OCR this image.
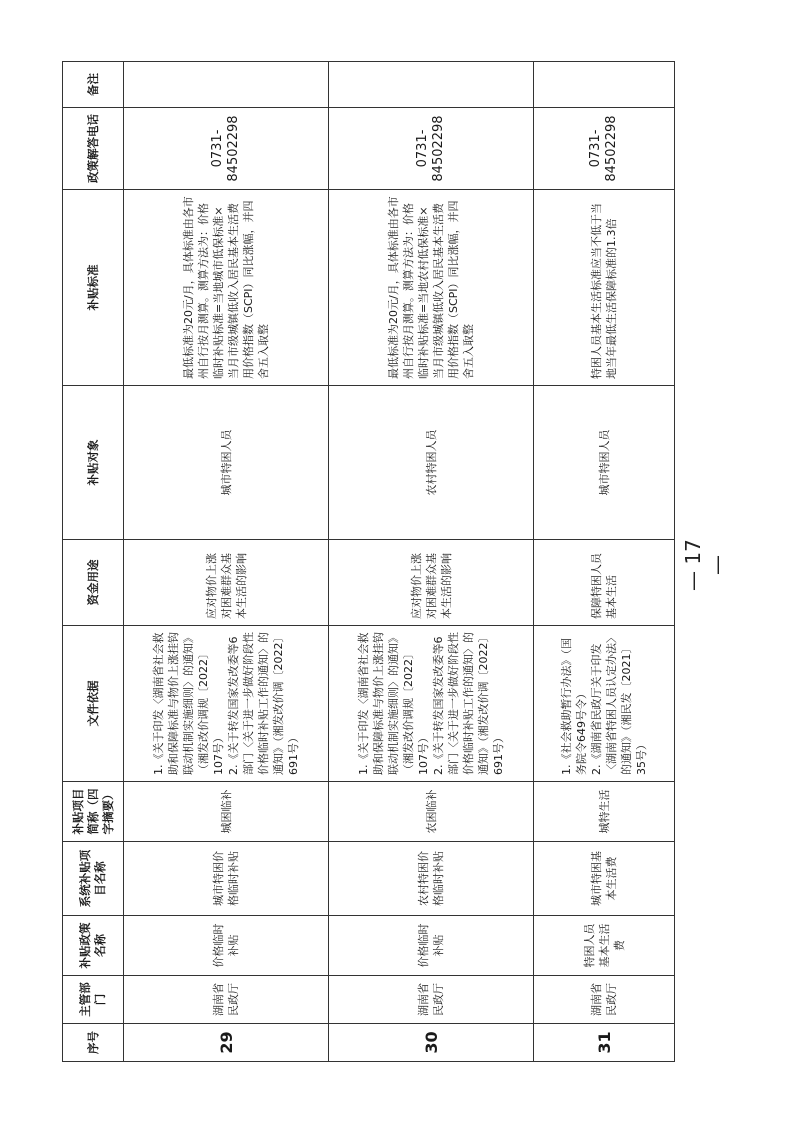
序号	主管部门	补贴政策名称	系统补贴项目名称	补贴项目简称（四字摘要）	文件依据	资金用途	补贴对象	补贴标准	政策解答电话	备注
29	湖南省民政厅	价格临时补贴	城市特困价格临时补贴	城困临补	1.《关于印发〈湖南省社会救助和保障标准与物价上涨挂钩联动机制实施细则〉的通知》（湘发改价调规〔2022〕107号）
2.《关于转发国家发改委等6部门〈关于进一步做好阶段性价格临时补贴工作的通知〉的通知》（湘发改价调〔2022〕691号）	应对物价上涨对困难群众基本生活的影响	城市特困人员	最低标准为20元/月，具体标准由各市州自行按月测算。测算方法为：价格临时补贴标准=当地城市低保标准×当月市级城镇低收入居民基本生活费用价格指数（SCPI）同比涨幅，并四舍五入取整	0731-84502298	
30	湖南省民政厅	价格临时补贴	农村特困价格临时补贴	农困临补	1.《关于印发〈湖南省社会救助和保障标准与物价上涨挂钩联动机制实施细则〉的通知》（湘发改价调规〔2022〕107号）
2.《关于转发国家发改委等6部门〈关于进一步做好阶段性价格临时补贴工作的通知〉的通知》（湘发改价调〔2022〕691号）	应对物价上涨对困难群众基本生活的影响	农村特困人员	最低标准为20元/月，具体标准由各市州自行按月测算。测算方法为：价格临时补贴标准=当地农村低保标准×当月市级城镇低收入居民基本生活费用价格指数（SCPI）同比涨幅，并四舍五入取整	0731-84502298	
31	湖南省民政厅	特困人员基本生活费	城市特困基本生活费	城特生活	1.《社会救助暂行办法》（国务院令649号令）
2.《湖南省民政厅关于印发〈湖南省特困人员认定办法〉的通知》（湘民发〔2021〕35号）	保障特困人员基本生活	城市特困人员	特困人员基本生活标准应当不低于当地当年最低生活保障标准的1.3倍	0731-84502298	
— 17 —
